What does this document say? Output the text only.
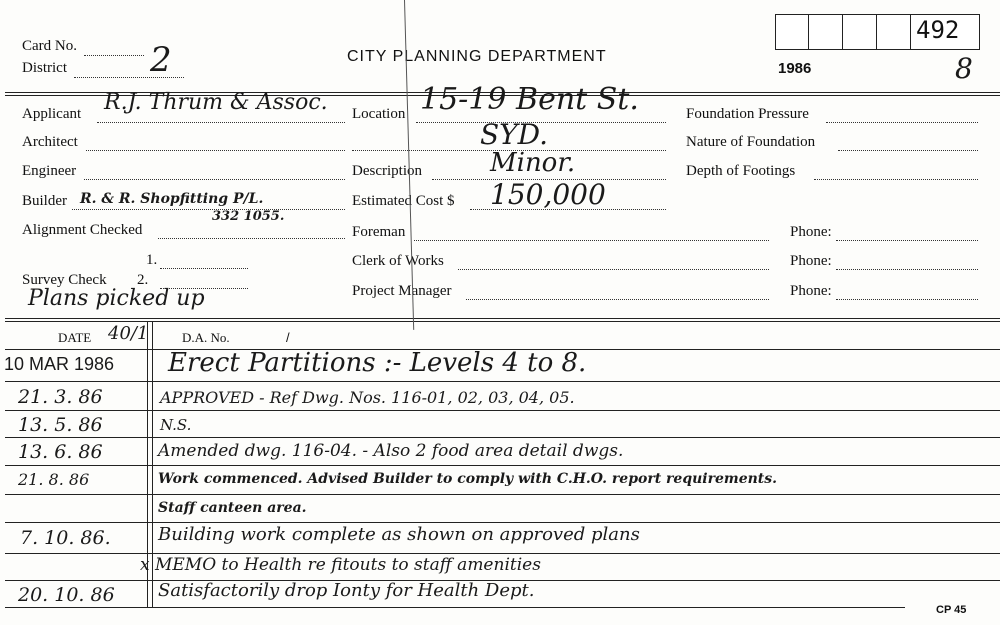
Card No.
District 2	CITY PLANNING DEPARTMENT
492
1986	8
Applicant R.J. Thrum & Assoc.
Architect
Engineer
Builder R. & R. Shopfitting P/L.
332 1055.
Alignment Checked
1.
Survey Check 2.
Plans picked up
Location 15-19 Bent St.
SYD.
Description	Minor.
Estimated Cost $ 150,000
Foreman
Clerk of Works
Project Manager
Foundation Pressure
Nature of Foundation
Depth of Footings
Phone:
Phone:
Phone:
DATE 40/1	D.A. No.	/
10 MAR 1986 Erect Partitions :- Levels 4 to 8.
21. 3. 86	APPROVED - Ref Dwg. Nos. 116-01, 02, 03, 04, 05.
13. 5. 86	N.S.
13. 6. 86	Amended dwg. 116-04. - Also 2 food area detail dwgs.
21. 8. 86	Work commenced. Advised Builder to comply with C.H.O. report requirements.
Staff canteen area.
7. 10. 86.	Building work complete as shown on approved plans
x MEMO to Health re fitouts to staff amenities
20. 10. 86 Satisfactorily drop Ionty for Health Dept.
CP 45
